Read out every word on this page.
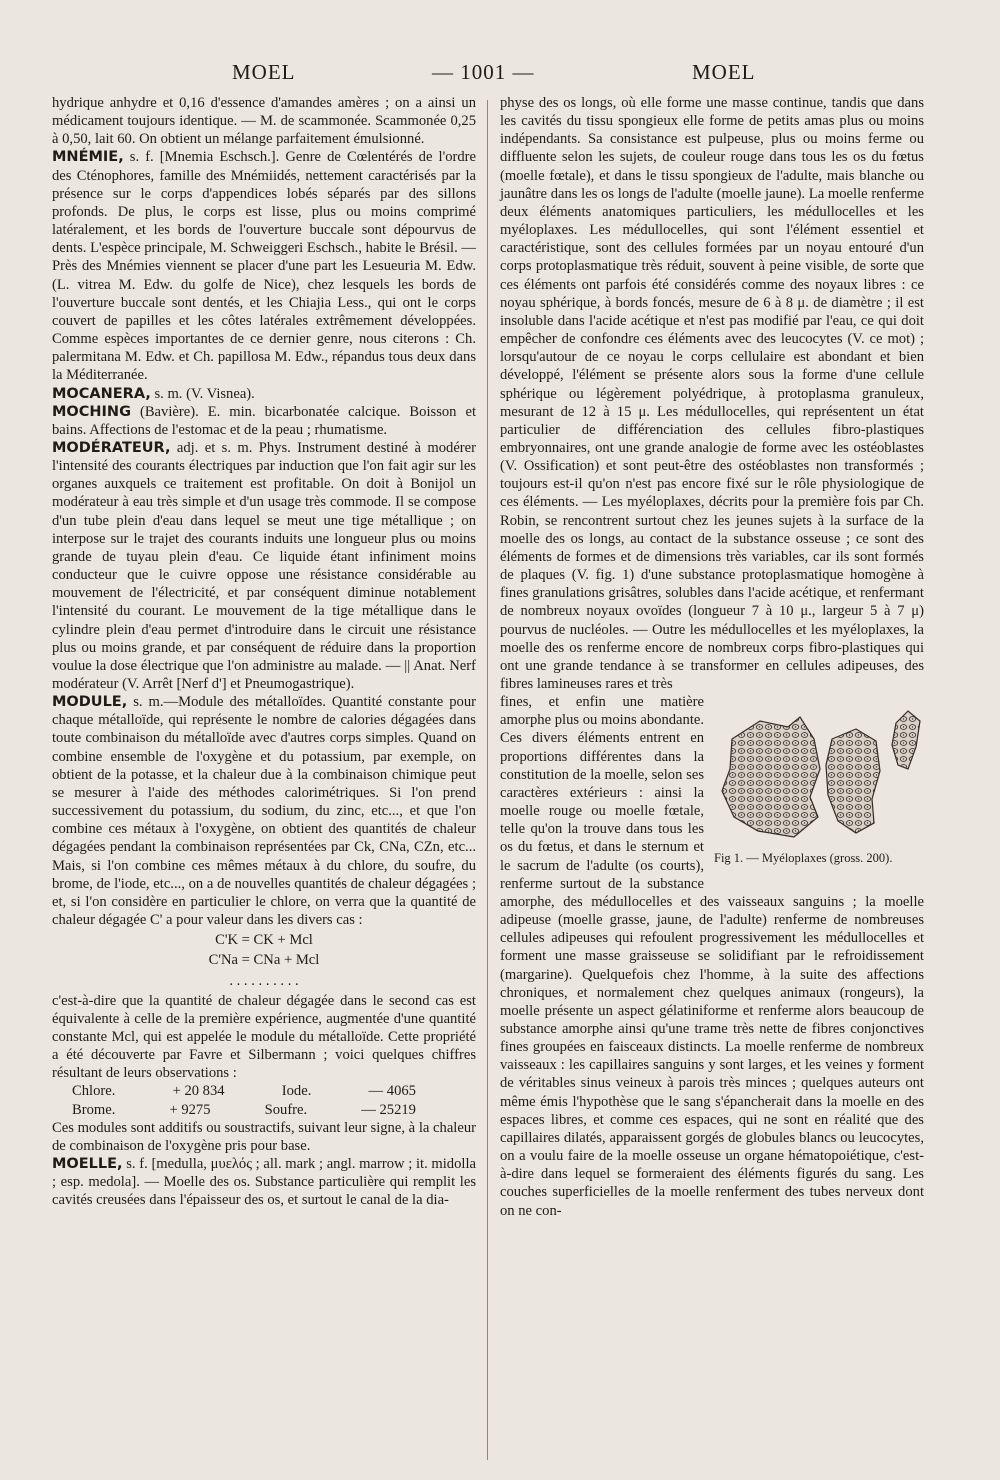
MOEL	— 1001 —	MOEL

hydrique anhydre et 0,16 d'essence d'amandes amères ; on a ainsi un médicament toujours identique. — M. de scammonée. Scammonée 0,25 à 0,50, lait 60. On obtient un mélange parfaitement émulsionné.

MNÉMIE, s. f. [Mnemia Eschsch.]. Genre de Cœlentérés de l'ordre des Cténophores, famille des Mnémiidés, nettement caractérisés par la présence sur le corps d'appendices lobés séparés par des sillons profonds. De plus, le corps est lisse, plus ou moins comprimé latéralement, et les bords de l'ouverture buccale sont dépourvus de dents. L'espèce principale, M. Schweiggeri Eschsch., habite le Brésil. — Près des Mnémies viennent se placer d'une part les Lesueuria M. Edw. (L. vitrea M. Edw. du golfe de Nice), chez lesquels les bords de l'ouverture buccale sont dentés, et les Chiajia Less., qui ont le corps couvert de papilles et les côtes latérales extrêmement développées. Comme espèces importantes de ce dernier genre, nous citerons : Ch. palermitana M. Edw. et Ch. papillosa M. Edw., répandus tous deux dans la Méditerranée.

MOCANERA, s. m. (V. Visnea).

MOCHING (Bavière). E. min. bicarbonatée calcique. Boisson et bains. Affections de l'estomac et de la peau ; rhumatisme.

MODÉRATEUR, adj. et s. m. Phys. Instrument destiné à modérer l'intensité des courants électriques par induction que l'on fait agir sur les organes auxquels ce traitement est profitable. On doit à Bonijol un modérateur à eau très simple et d'un usage très commode. Il se compose d'un tube plein d'eau dans lequel se meut une tige métallique ; on interpose sur le trajet des courants induits une longueur plus ou moins grande de tuyau plein d'eau. Ce liquide étant infiniment moins conducteur que le cuivre oppose une résistance considérable au mouvement de l'électricité, et par conséquent diminue notablement l'intensité du courant. Le mouvement de la tige métallique dans le cylindre plein d'eau permet d'introduire dans le circuit une résistance plus ou moins grande, et par conséquent de réduire dans la proportion voulue la dose électrique que l'on administre au malade. — || Anat. Nerf modérateur (V. Arrêt [Nerf d'] et Pneumogastrique).

MODULE, s. m.—Module des métalloïdes. Quantité constante pour chaque métalloïde, qui représente le nombre de calories dégagées dans toute combinaison du métalloïde avec d'autres corps simples. Quand on combine ensemble de l'oxygène et du potassium, par exemple, on obtient de la potasse, et la chaleur due à la combinaison chimique peut se mesurer à l'aide des méthodes calorimétriques. Si l'on prend successivement du potassium, du sodium, du zinc, etc..., et que l'on combine ces métaux à l'oxygène, on obtient des quantités de chaleur dégagées pendant la combinaison représentées par Ck, CNa, CZn, etc... Mais, si l'on combine ces mêmes métaux à du chlore, du soufre, du brome, de l'iode, etc..., on a de nouvelles quantités de chaleur dégagées ; et, si l'on considère en particulier le chlore, on verra que la quantité de chaleur dégagée C' a pour valeur dans les divers cas :

C'K = CK + Mcl

C'Na = CNa + Mcl

. . . . . . . . . .

c'est-à-dire que la quantité de chaleur dégagée dans le second cas est équivalente à celle de la première expérience, augmentée d'une quantité constante Mcl, qui est appelée le module du métalloïde. Cette propriété a été découverte par Favre et Silbermann ; voici quelques chiffres résultant de leurs observations :

Chlore.	+ 20 834	Iode.	— 4065

Brome.	+ 9275	Soufre.	— 25219

Ces modules sont additifs ou soustractifs, suivant leur signe, à la chaleur de combinaison de l'oxygène pris pour base.

MOELLE, s. f. [medulla, μυελός ; all. mark ; angl. marrow ; it. midolla ; esp. medola]. — Moelle des os. Substance particulière qui remplit les cavités creusées dans l'épaisseur des os, et surtout le canal de la dia-

physe des os longs, où elle forme une masse continue, tandis que dans les cavités du tissu spongieux elle forme de petits amas plus ou moins indépendants. Sa consistance est pulpeuse, plus ou moins ferme ou diffluente selon les sujets, de couleur rouge dans tous les os du fœtus (moelle fœtale), et dans le tissu spongieux de l'adulte, mais blanche ou jaunâtre dans les os longs de l'adulte (moelle jaune). La moelle renferme deux éléments anatomiques particuliers, les médullocelles et les myéloplaxes. Les médullocelles, qui sont l'élément essentiel et caractéristique, sont des cellules formées par un noyau entouré d'un corps protoplasmatique très réduit, souvent à peine visible, de sorte que ces éléments ont parfois été considérés comme des noyaux libres : ce noyau sphérique, à bords foncés, mesure de 6 à 8 μ. de diamètre ; il est insoluble dans l'acide acétique et n'est pas modifié par l'eau, ce qui doit empêcher de confondre ces éléments avec des leucocytes (V. ce mot) ; lorsqu'autour de ce noyau le corps cellulaire est abondant et bien développé, l'élément se présente alors sous la forme d'une cellule sphérique ou légèrement polyédrique, à protoplasma granuleux, mesurant de 12 à 15 μ. Les médullocelles, qui représentent un état particulier de différenciation des cellules fibro-plastiques embryonnaires, ont une grande analogie de forme avec les ostéoblastes (V. Ossification) et sont peut-être des ostéoblastes non transformés ; toujours est-il qu'on n'est pas encore fixé sur le rôle physiologique de ces éléments. — Les myéloplaxes, décrits pour la première fois par Ch. Robin, se rencontrent surtout chez les jeunes sujets à la surface de la moelle des os longs, au contact de la substance osseuse ; ce sont des éléments de formes et de dimensions très variables, car ils sont formés de plaques (V. fig. 1) d'une substance protoplasmatique homogène à fines granulations grisâtres, solubles dans l'acide acétique, et renfermant de nombreux noyaux ovoïdes (longueur 7 à 10 μ., largeur 5 à 7 μ) pourvus de nucléoles. — Outre les médullocelles et les myéloplaxes, la moelle des os renferme encore de nombreux corps fibro-plastiques qui ont une grande tendance à se transformer en cellules adipeuses, des fibres lamineuses rares et très

Fig 1. — Myéloplaxes (gross. 200).

fines, et enfin une matière amorphe plus ou moins abondante. Ces divers éléments entrent en proportions différentes dans la constitution de la moelle, selon ses caractères extérieurs : ainsi la moelle rouge ou moelle fœtale, telle qu'on la trouve dans tous les os du fœtus, et dans le sternum et le sacrum de l'adulte (os courts), renferme surtout de la substance amorphe, des médullocelles et des vaisseaux sanguins ; la moelle adipeuse (moelle grasse, jaune, de l'adulte) renferme de nombreuses cellules adipeuses qui refoulent progressivement les médullocelles et forment une masse graisseuse se solidifiant par le refroidissement (margarine). Quelquefois chez l'homme, à la suite des affections chroniques, et normalement chez quelques animaux (rongeurs), la moelle présente un aspect gélatiniforme et renferme alors beaucoup de substance amorphe ainsi qu'une trame très nette de fibres conjonctives fines groupées en faisceaux distincts. La moelle renferme de nombreux vaisseaux : les capillaires sanguins y sont larges, et les veines y forment de véritables sinus veineux à parois très minces ; quelques auteurs ont même émis l'hypothèse que le sang s'épancherait dans la moelle en des espaces libres, et comme ces espaces, qui ne sont en réalité que des capillaires dilatés, apparaissent gorgés de globules blancs ou leucocytes, on a voulu faire de la moelle osseuse un organe hématopoiétique, c'est-à-dire dans lequel se formeraient des éléments figurés du sang. Les couches superficielles de la moelle renferment des tubes nerveux dont on ne con-
